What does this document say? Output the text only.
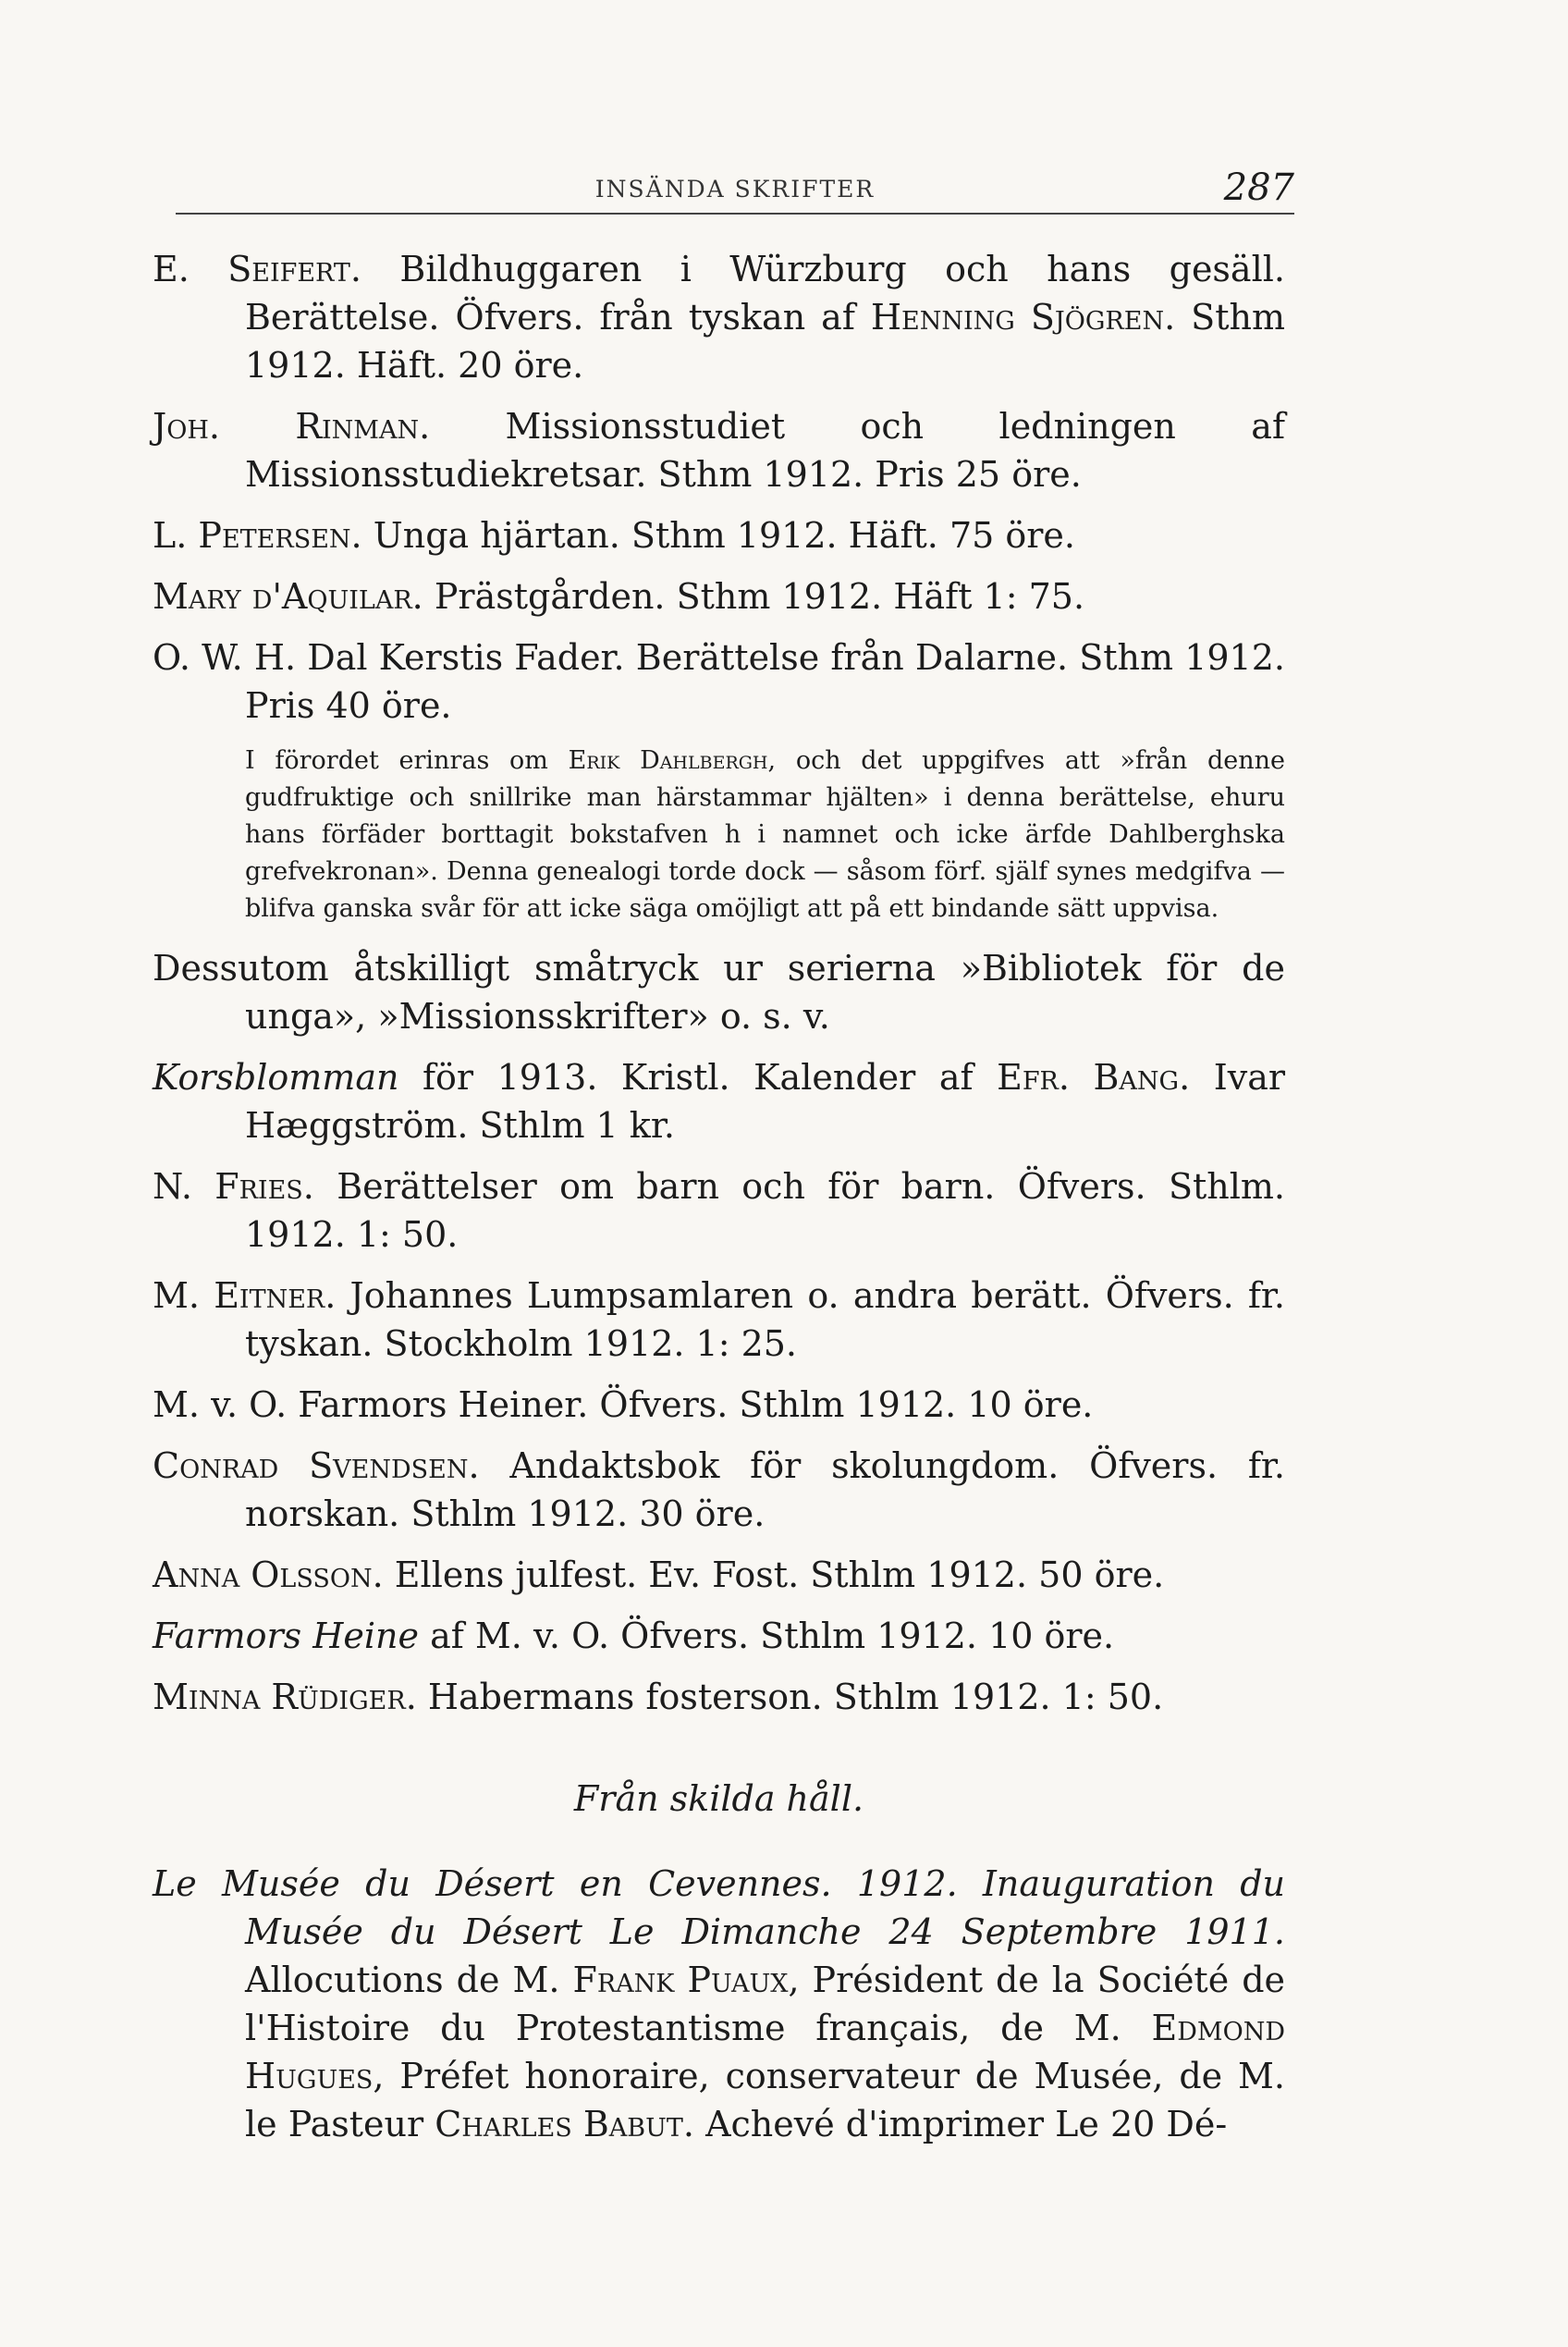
INSÄNDA SKRIFTER	287

E. Seifert. Bildhuggaren i Würzburg och hans gesäll. Berättelse. Öfvers. från tyskan af Henning Sjögren. Sthm 1912. Häft. 20 öre.

Joh. Rinman. Missionsstudiet och ledningen af Missionsstudiekretsar. Sthm 1912. Pris 25 öre.

L. Petersen. Unga hjärtan. Sthm 1912. Häft. 75 öre.

Mary d'Aquilar. Prästgården. Sthm 1912. Häft 1: 75.

O. W. H. Dal Kerstis Fader. Berättelse från Dalarne. Sthm 1912. Pris 40 öre.

I förordet erinras om Erik Dahlbergh, och det uppgifves att »från denne gudfruktige och snillrike man härstammar hjälten» i denna berättelse, ehuru hans förfäder borttagit bokstafven h i namnet och icke ärfde Dahlberghska grefvekronan». Denna genealogi torde dock — såsom förf. själf synes medgifva — blifva ganska svår för att icke säga omöjligt att på ett bindande sätt uppvisa.

Dessutom åtskilligt småtryck ur serierna »Bibliotek för de unga», »Missionsskrifter» o. s. v.

Korsblomman för 1913. Kristl. Kalender af Efr. Bang. Ivar Hæggström. Sthlm 1 kr.

N. Fries. Berättelser om barn och för barn. Öfvers. Sthlm. 1912. 1: 50.

M. Eitner. Johannes Lumpsamlaren o. andra berätt. Öfvers. fr. tyskan. Stockholm 1912. 1: 25.

M. v. O. Farmors Heiner. Öfvers. Sthlm 1912. 10 öre.

Conrad Svendsen. Andaktsbok för skolungdom. Öfvers. fr. norskan. Sthlm 1912. 30 öre.

Anna Olsson. Ellens julfest. Ev. Fost. Sthlm 1912. 50 öre.

Farmors Heine af M. v. O. Öfvers. Sthlm 1912. 10 öre.

Minna Rüdiger. Habermans fosterson. Sthlm 1912. 1: 50.

Från skilda håll.

Le Musée du Désert en Cevennes. 1912. Inauguration du Musée du Désert Le Dimanche 24 Septembre 1911. Allocutions de M. Frank Puaux, Président de la Société de l'Histoire du Protestantisme français, de M. Edmond Hugues, Préfet honoraire, conservateur de Musée, de M. le Pasteur Charles Babut. Achevé d'imprimer Le 20 Dé-
